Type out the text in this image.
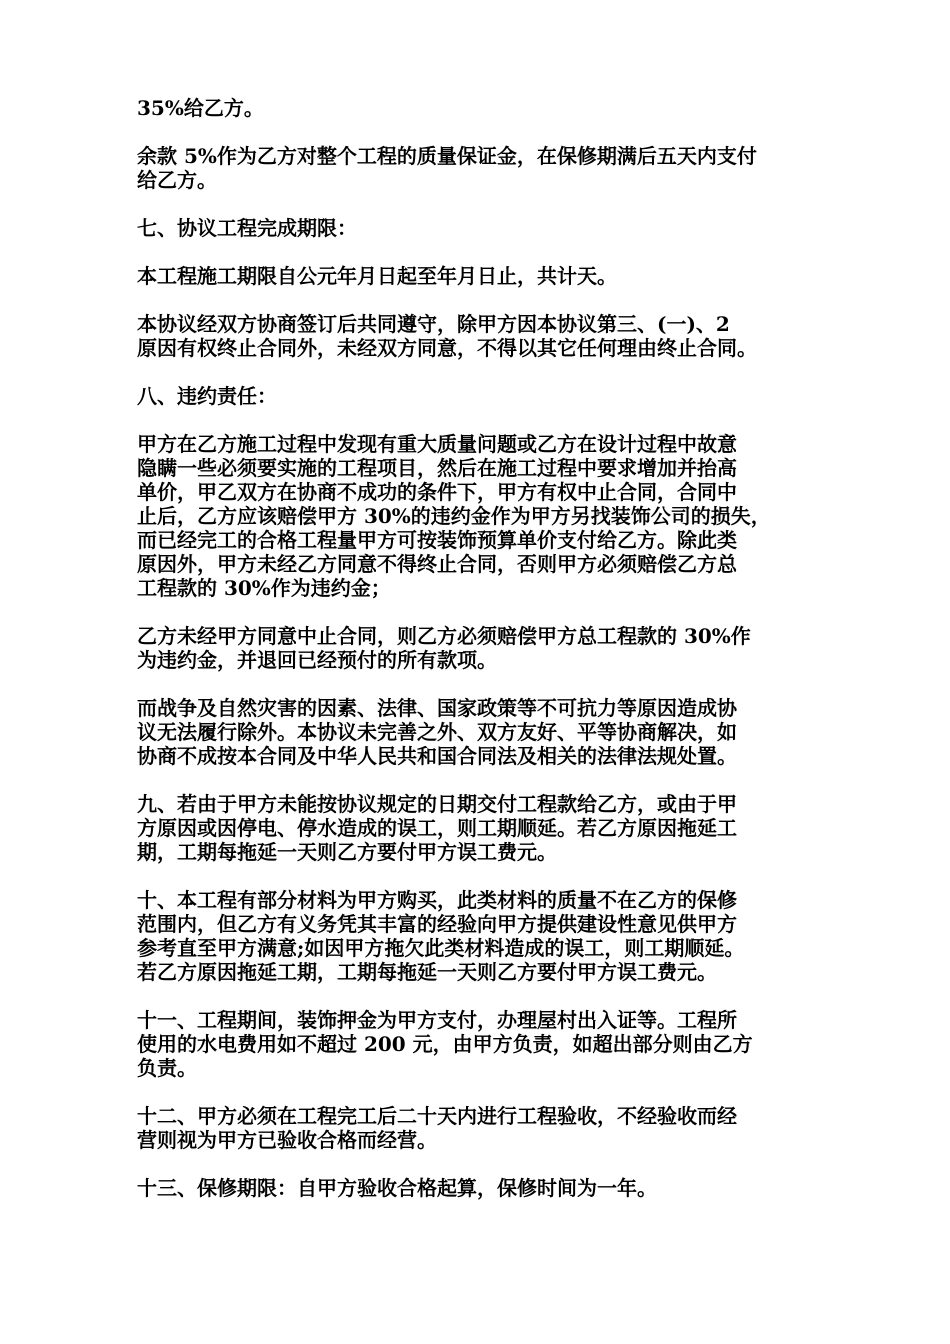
35%给乙方。
余款 5%作为乙方对整个工程的质量保证金，在保修期满后五天内支付
给乙方。
七、协议工程完成期限：
本工程施工期限自公元年月日起至年月日止，共计天。
本协议经双方协商签订后共同遵守，除甲方因本协议第三、(一)、2
原因有权终止合同外，未经双方同意，不得以其它任何理由终止合同。
八、违约责任：
甲方在乙方施工过程中发现有重大质量问题或乙方在设计过程中故意
隐瞒一些必须要实施的工程项目，然后在施工过程中要求增加并抬高
单价，甲乙双方在协商不成功的条件下，甲方有权中止合同，合同中
止后，乙方应该赔偿甲方 30%的违约金作为甲方另找装饰公司的损失，
而已经完工的合格工程量甲方可按装饰预算单价支付给乙方。除此类
原因外，甲方未经乙方同意不得终止合同，否则甲方必须赔偿乙方总
工程款的 30%作为违约金；
乙方未经甲方同意中止合同，则乙方必须赔偿甲方总工程款的 30%作
为违约金，并退回已经预付的所有款项。
而战争及自然灾害的因素、法律、国家政策等不可抗力等原因造成协
议无法履行除外。本协议未完善之外、双方友好、平等协商解决，如
协商不成按本合同及中华人民共和国合同法及相关的法律法规处置。
九、若由于甲方未能按协议规定的日期交付工程款给乙方，或由于甲
方原因或因停电、停水造成的误工，则工期顺延。若乙方原因拖延工
期，工期每拖延一天则乙方要付甲方误工费元。
十、本工程有部分材料为甲方购买，此类材料的质量不在乙方的保修
范围内，但乙方有义务凭其丰富的经验向甲方提供建设性意见供甲方
参考直至甲方满意;如因甲方拖欠此类材料造成的误工，则工期顺延。
若乙方原因拖延工期，工期每拖延一天则乙方要付甲方误工费元。
十一、工程期间，装饰押金为甲方支付，办理屋村出入证等。工程所
使用的水电费用如不超过 200 元，由甲方负责，如超出部分则由乙方
负责。
十二、甲方必须在工程完工后二十天内进行工程验收，不经验收而经
营则视为甲方已验收合格而经营。
十三、保修期限：自甲方验收合格起算，保修时间为一年。
